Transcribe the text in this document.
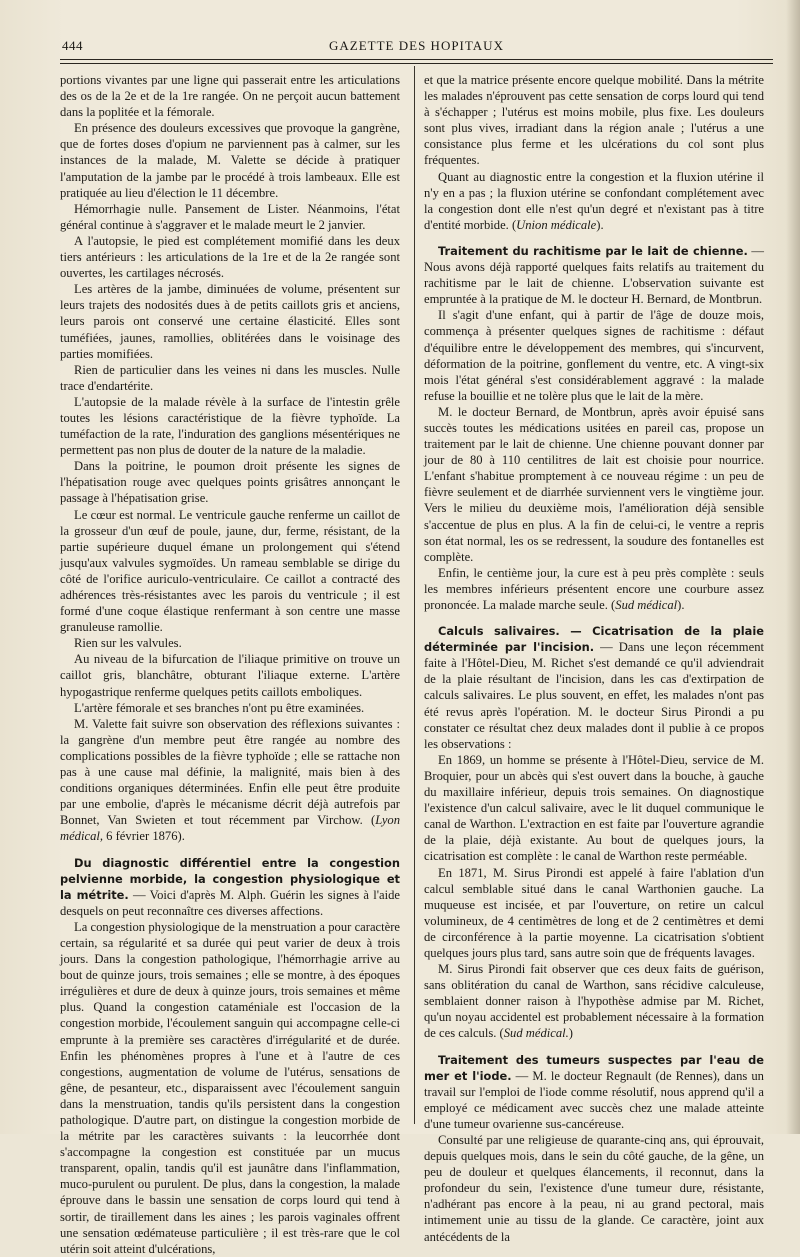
444	GAZETTE DES HOPITAUX

portions vivantes par une ligne qui passerait entre les articulations des os de la 2e et de la 1re rangée. On ne perçoit aucun battement dans la poplitée et la fémorale.

En présence des douleurs excessives que provoque la gangrène, que de fortes doses d'opium ne parviennent pas à calmer, sur les instances de la malade, M. Valette se décide à pratiquer l'amputation de la jambe par le procédé à trois lambeaux. Elle est pratiquée au lieu d'élection le 11 décembre.

Hémorrhagie nulle. Pansement de Lister. Néanmoins, l'état général continue à s'aggraver et le malade meurt le 2 janvier.

A l'autopsie, le pied est complétement momifié dans les deux tiers antérieurs : les articulations de la 1re et de la 2e rangée sont ouvertes, les cartilages nécrosés.

Les artères de la jambe, diminuées de volume, présentent sur leurs trajets des nodosités dues à de petits caillots gris et anciens, leurs parois ont conservé une certaine élasticité. Elles sont tuméfiées, jaunes, ramollies, oblitérées dans le voisinage des parties momifiées.

Rien de particulier dans les veines ni dans les muscles. Nulle trace d'endartérite.

L'autopsie de la malade révèle à la surface de l'intestin grêle toutes les lésions caractéristique de la fièvre typhoïde. La tuméfaction de la rate, l'induration des ganglions mésentériques ne permettent pas non plus de douter de la nature de la maladie.

Dans la poitrine, le poumon droit présente les signes de l'hépatisation rouge avec quelques points grisâtres annonçant le passage à l'hépatisation grise.

Le cœur est normal. Le ventricule gauche renferme un caillot de la grosseur d'un œuf de poule, jaune, dur, ferme, résistant, de la partie supérieure duquel émane un prolongement qui s'étend jusqu'aux valvules sygmoïdes. Un rameau semblable se dirige du côté de l'orifice auriculo-ventriculaire. Ce caillot a contracté des adhérences très-résistantes avec les parois du ventricule ; il est formé d'une coque élastique renfermant à son centre une masse granuleuse ramollie.

Rien sur les valvules.

Au niveau de la bifurcation de l'iliaque primitive on trouve un caillot gris, blanchâtre, obturant l'iliaque externe. L'artère hypogastrique renferme quelques petits caillots emboliques.

L'artère fémorale et ses branches n'ont pu être examinées.

M. Valette fait suivre son observation des réflexions suivantes : la gangrène d'un membre peut être rangée au nombre des complications possibles de la fièvre typhoïde ; elle se rattache non pas à une cause mal définie, la malignité, mais bien à des conditions organiques déterminées. Enfin elle peut être produite par une embolie, d'après le mécanisme décrit déjà autrefois par Bonnet, Van Swieten et tout récemment par Virchow. (Lyon médical, 6 février 1876).

Du diagnostic différentiel entre la congestion pelvienne morbide, la congestion physiologique et la métrite. — Voici d'après M. Alph. Guérin les signes à l'aide desquels on peut reconnaître ces diverses affections.

La congestion physiologique de la menstruation a pour caractère certain, sa régularité et sa durée qui peut varier de deux à trois jours. Dans la congestion pathologique, l'hémorrhagie arrive au bout de quinze jours, trois semaines ; elle se montre, à des époques irrégulières et dure de deux à quinze jours, trois semaines et même plus. Quand la congestion cataméniale est l'occasion de la congestion morbide, l'écoulement sanguin qui accompagne celle-ci emprunte à la première ses caractères d'irrégularité et de durée. Enfin les phénomènes propres à l'une et à l'autre de ces congestions, augmentation de volume de l'utérus, sensations de gêne, de pesanteur, etc., disparaissent avec l'écoulement sanguin dans la menstruation, tandis qu'ils persistent dans la congestion pathologique. D'autre part, on distingue la congestion morbide de la métrite par les caractères suivants : la leucorrhée dont s'accompagne la congestion est constituée par un mucus transparent, opalin, tandis qu'il est jaunâtre dans l'inflammation, muco-purulent ou purulent. De plus, dans la congestion, la malade éprouve dans le bassin une sensation de corps lourd qui tend à sortir, de tiraillement dans les aines ; les parois vaginales offrent une sensation œdémateuse particulière ; il est très-rare que le col utérin soit atteint d'ulcérations,

et que la matrice présente encore quelque mobilité. Dans la métrite les malades n'éprouvent pas cette sensation de corps lourd qui tend à s'échapper ; l'utérus est moins mobile, plus fixe. Les douleurs sont plus vives, irradiant dans la région anale ; l'utérus a une consistance plus ferme et les ulcérations du col sont plus fréquentes.

Quant au diagnostic entre la congestion et la fluxion utérine il n'y en a pas ; la fluxion utérine se confondant complétement avec la congestion dont elle n'est qu'un degré et n'existant pas à titre d'entité morbide. (Union médicale).

Traitement du rachitisme par le lait de chienne. — Nous avons déjà rapporté quelques faits relatifs au traitement du rachitisme par le lait de chienne. L'observation suivante est empruntée à la pratique de M. le docteur H. Bernard, de Montbrun.

Il s'agit d'une enfant, qui à partir de l'âge de douze mois, commença à présenter quelques signes de rachitisme : défaut d'équilibre entre le développement des membres, qui s'incurvent, déformation de la poitrine, gonflement du ventre, etc. A vingt-six mois l'état général s'est considérablement aggravé : la malade refuse la bouillie et ne tolère plus que le lait de la mère.

M. le docteur Bernard, de Montbrun, après avoir épuisé sans succès toutes les médications usitées en pareil cas, propose un traitement par le lait de chienne. Une chienne pouvant donner par jour de 80 à 110 centilitres de lait est choisie pour nourrice. L'enfant s'habitue promptement à ce nouveau régime : un peu de fièvre seulement et de diarrhée surviennent vers le vingtième jour. Vers le milieu du deuxième mois, l'amélioration déjà sensible s'accentue de plus en plus. A la fin de celui-ci, le ventre a repris son état normal, les os se redressent, la soudure des fontanelles est complète.

Enfin, le centième jour, la cure est à peu près complète : seuls les membres inférieurs présentent encore une courbure assez prononcée. La malade marche seule. (Sud médical).

Calculs salivaires. — Cicatrisation de la plaie déterminée par l'incision. — Dans une leçon récemment faite à l'Hôtel-Dieu, M. Richet s'est demandé ce qu'il adviendrait de la plaie résultant de l'incision, dans les cas d'extirpation de calculs salivaires. Le plus souvent, en effet, les malades n'ont pas été revus après l'opération. M. le docteur Sirus Pirondi a pu constater ce résultat chez deux malades dont il publie à ce propos les observations :

En 1869, un homme se présente à l'Hôtel-Dieu, service de M. Broquier, pour un abcès qui s'est ouvert dans la bouche, à gauche du maxillaire inférieur, depuis trois semaines. On diagnostique l'existence d'un calcul salivaire, avec le lit duquel communique le canal de Warthon. L'extraction en est faite par l'ouverture agrandie de la plaie, déjà existante. Au bout de quelques jours, la cicatrisation est complète : le canal de Warthon reste perméable.

En 1871, M. Sirus Pirondi est appelé à faire l'ablation d'un calcul semblable situé dans le canal Warthonien gauche. La muqueuse est incisée, et par l'ouverture, on retire un calcul volumineux, de 4 centimètres de long et de 2 centimètres et demi de circonférence à la partie moyenne. La cicatrisation s'obtient quelques jours plus tard, sans autre soin que de fréquents lavages.

M. Sirus Pirondi fait observer que ces deux faits de guérison, sans oblitération du canal de Warthon, sans récidive calculeuse, semblaient donner raison à l'hypothèse admise par M. Richet, qu'un noyau accidentel est probablement nécessaire à la formation de ces calculs. (Sud médical.)

Traitement des tumeurs suspectes par l'eau de mer et l'iode. — M. le docteur Regnault (de Rennes), dans un travail sur l'emploi de l'iode comme résolutif, nous apprend qu'il a employé ce médicament avec succès chez une malade atteinte d'une tumeur ovarienne sus-cancéreuse.

Consulté par une religieuse de quarante-cinq ans, qui éprouvait, depuis quelques mois, dans le sein du côté gauche, de la gêne, un peu de douleur et quelques élancements, il reconnut, dans la profondeur du sein, l'existence d'une tumeur dure, résistante, n'adhérant pas encore à la peau, ni au grand pectoral, mais intimement unie au tissu de la glande. Ce caractère, joint aux antécédents de la
